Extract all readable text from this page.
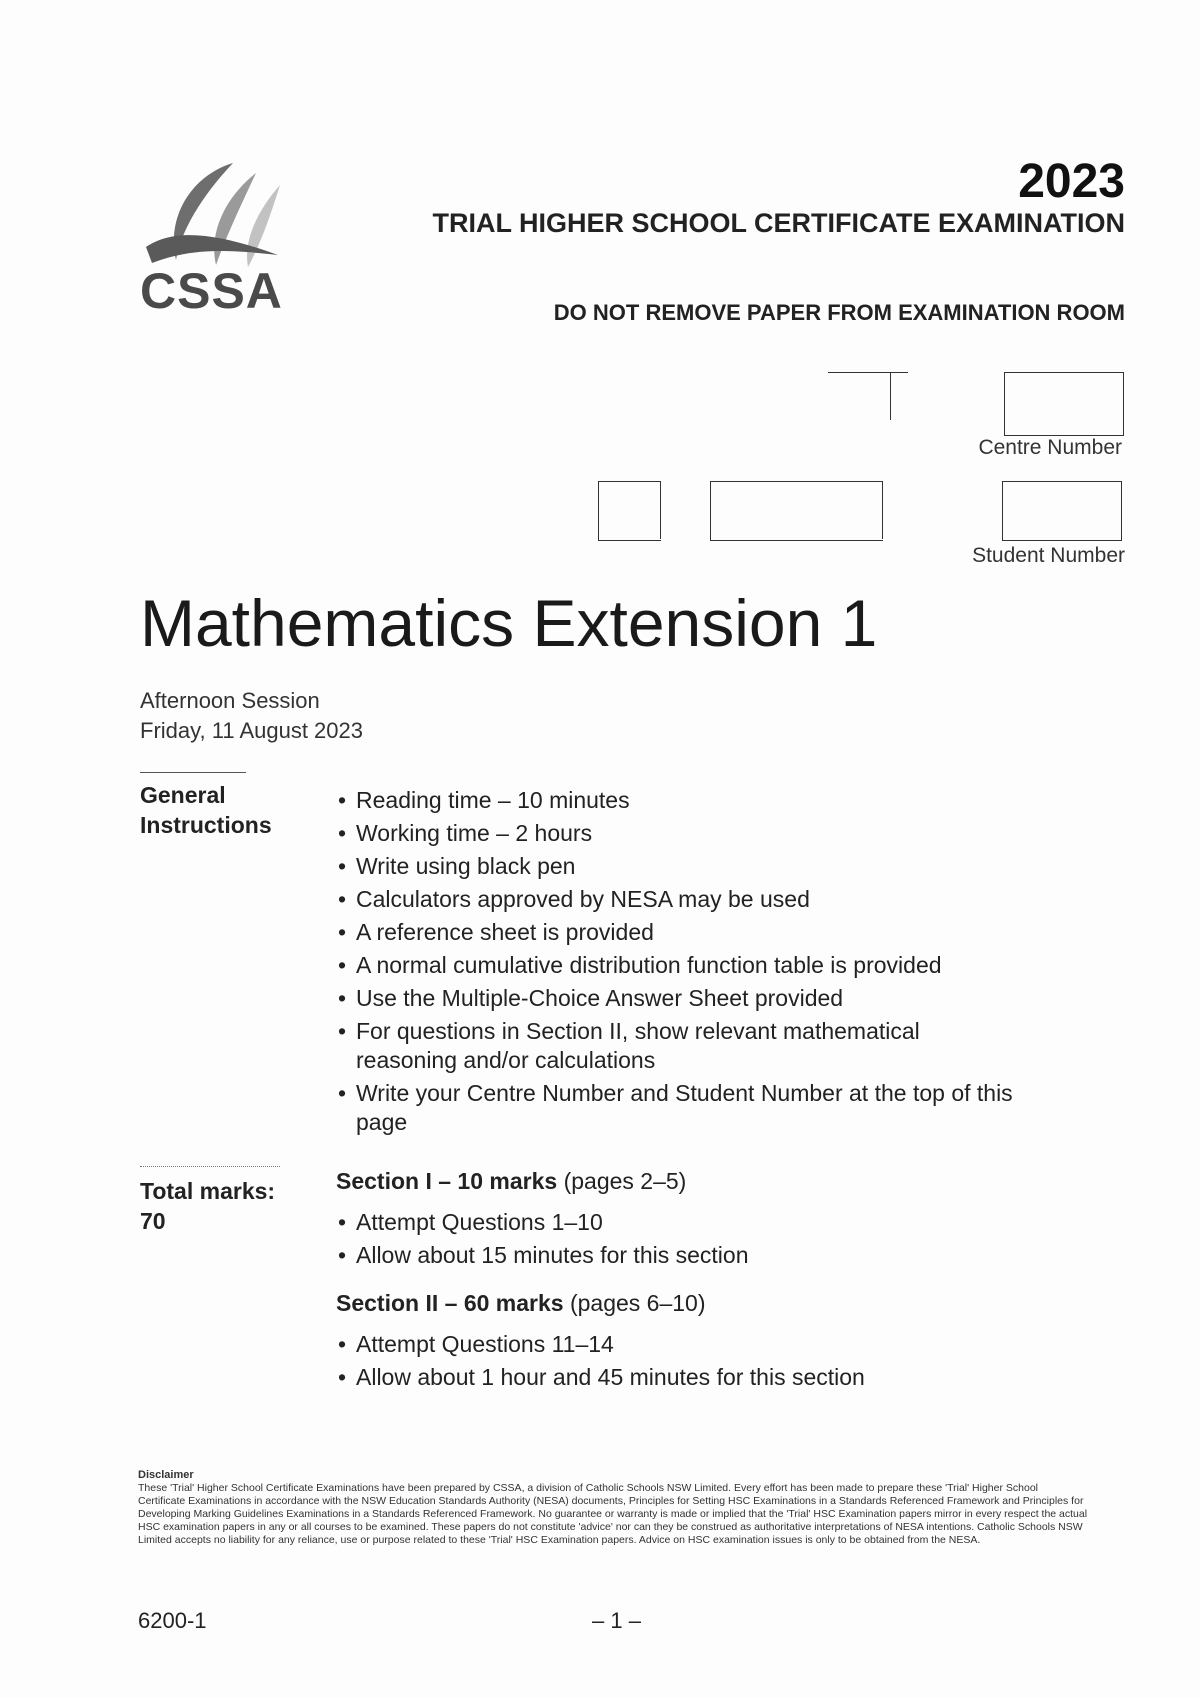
CSSA
2023
TRIAL HIGHER SCHOOL CERTIFICATE EXAMINATION
DO NOT REMOVE PAPER FROM EXAMINATION ROOM
Centre Number
Student Number
Mathematics Extension 1
Afternoon Session
Friday, 11 August 2023
General
Instructions
• Reading time – 10 minutes
• Working time – 2 hours
• Write using black pen
• Calculators approved by NESA may be used
• A reference sheet is provided
• A normal cumulative distribution function table is provided
• Use the Multiple-Choice Answer Sheet provided
• For questions in Section II, show relevant mathematical reasoning and/or calculations
• Write your Centre Number and Student Number at the top of this page
Total marks:
70
Section I – 10 marks (pages 2–5)
• Attempt Questions 1–10
• Allow about 15 minutes for this section
Section II – 60 marks (pages 6–10)
• Attempt Questions 11–14
• Allow about 1 hour and 45 minutes for this section
Disclaimer
These 'Trial' Higher School Certificate Examinations have been prepared by CSSA, a division of Catholic Schools NSW Limited. Every effort has been made to prepare these 'Trial' Higher School Certificate Examinations in accordance with the NSW Education Standards Authority (NESA) documents, Principles for Setting HSC Examinations in a Standards Referenced Framework and Principles for Developing Marking Guidelines Examinations in a Standards Referenced Framework. No guarantee or warranty is made or implied that the 'Trial' HSC Examination papers mirror in every respect the actual HSC examination papers in any or all courses to be examined. These papers do not constitute 'advice' nor can they be construed as authoritative interpretations of NESA intentions. Catholic Schools NSW Limited accepts no liability for any reliance, use or purpose related to these 'Trial' HSC Examination papers. Advice on HSC examination issues is only to be obtained from the NESA.
6200-1	– 1 –
